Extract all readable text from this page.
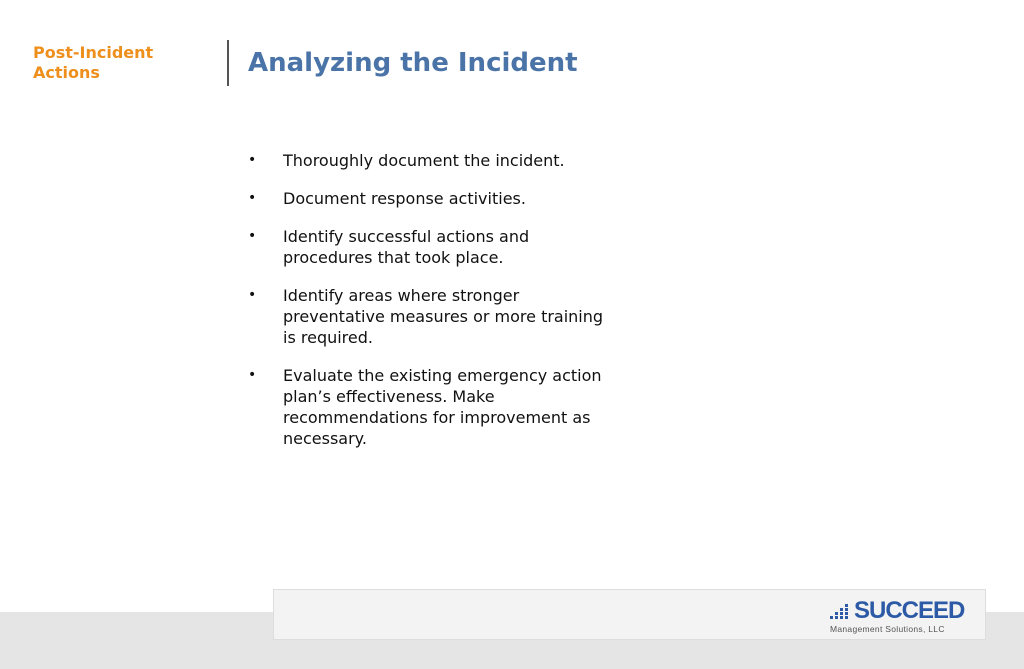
Post-Incident
Actions	Analyzing the Incident
• Thoroughly document the incident.
• Document response activities.
• Identify successful actions and procedures that took place.
• Identify areas where stronger preventative measures or more training is required.
• Evaluate the existing emergency action plan’s effectiveness. Make recommendations for improvement as necessary.
SUCCEED
Management Solutions, LLC
